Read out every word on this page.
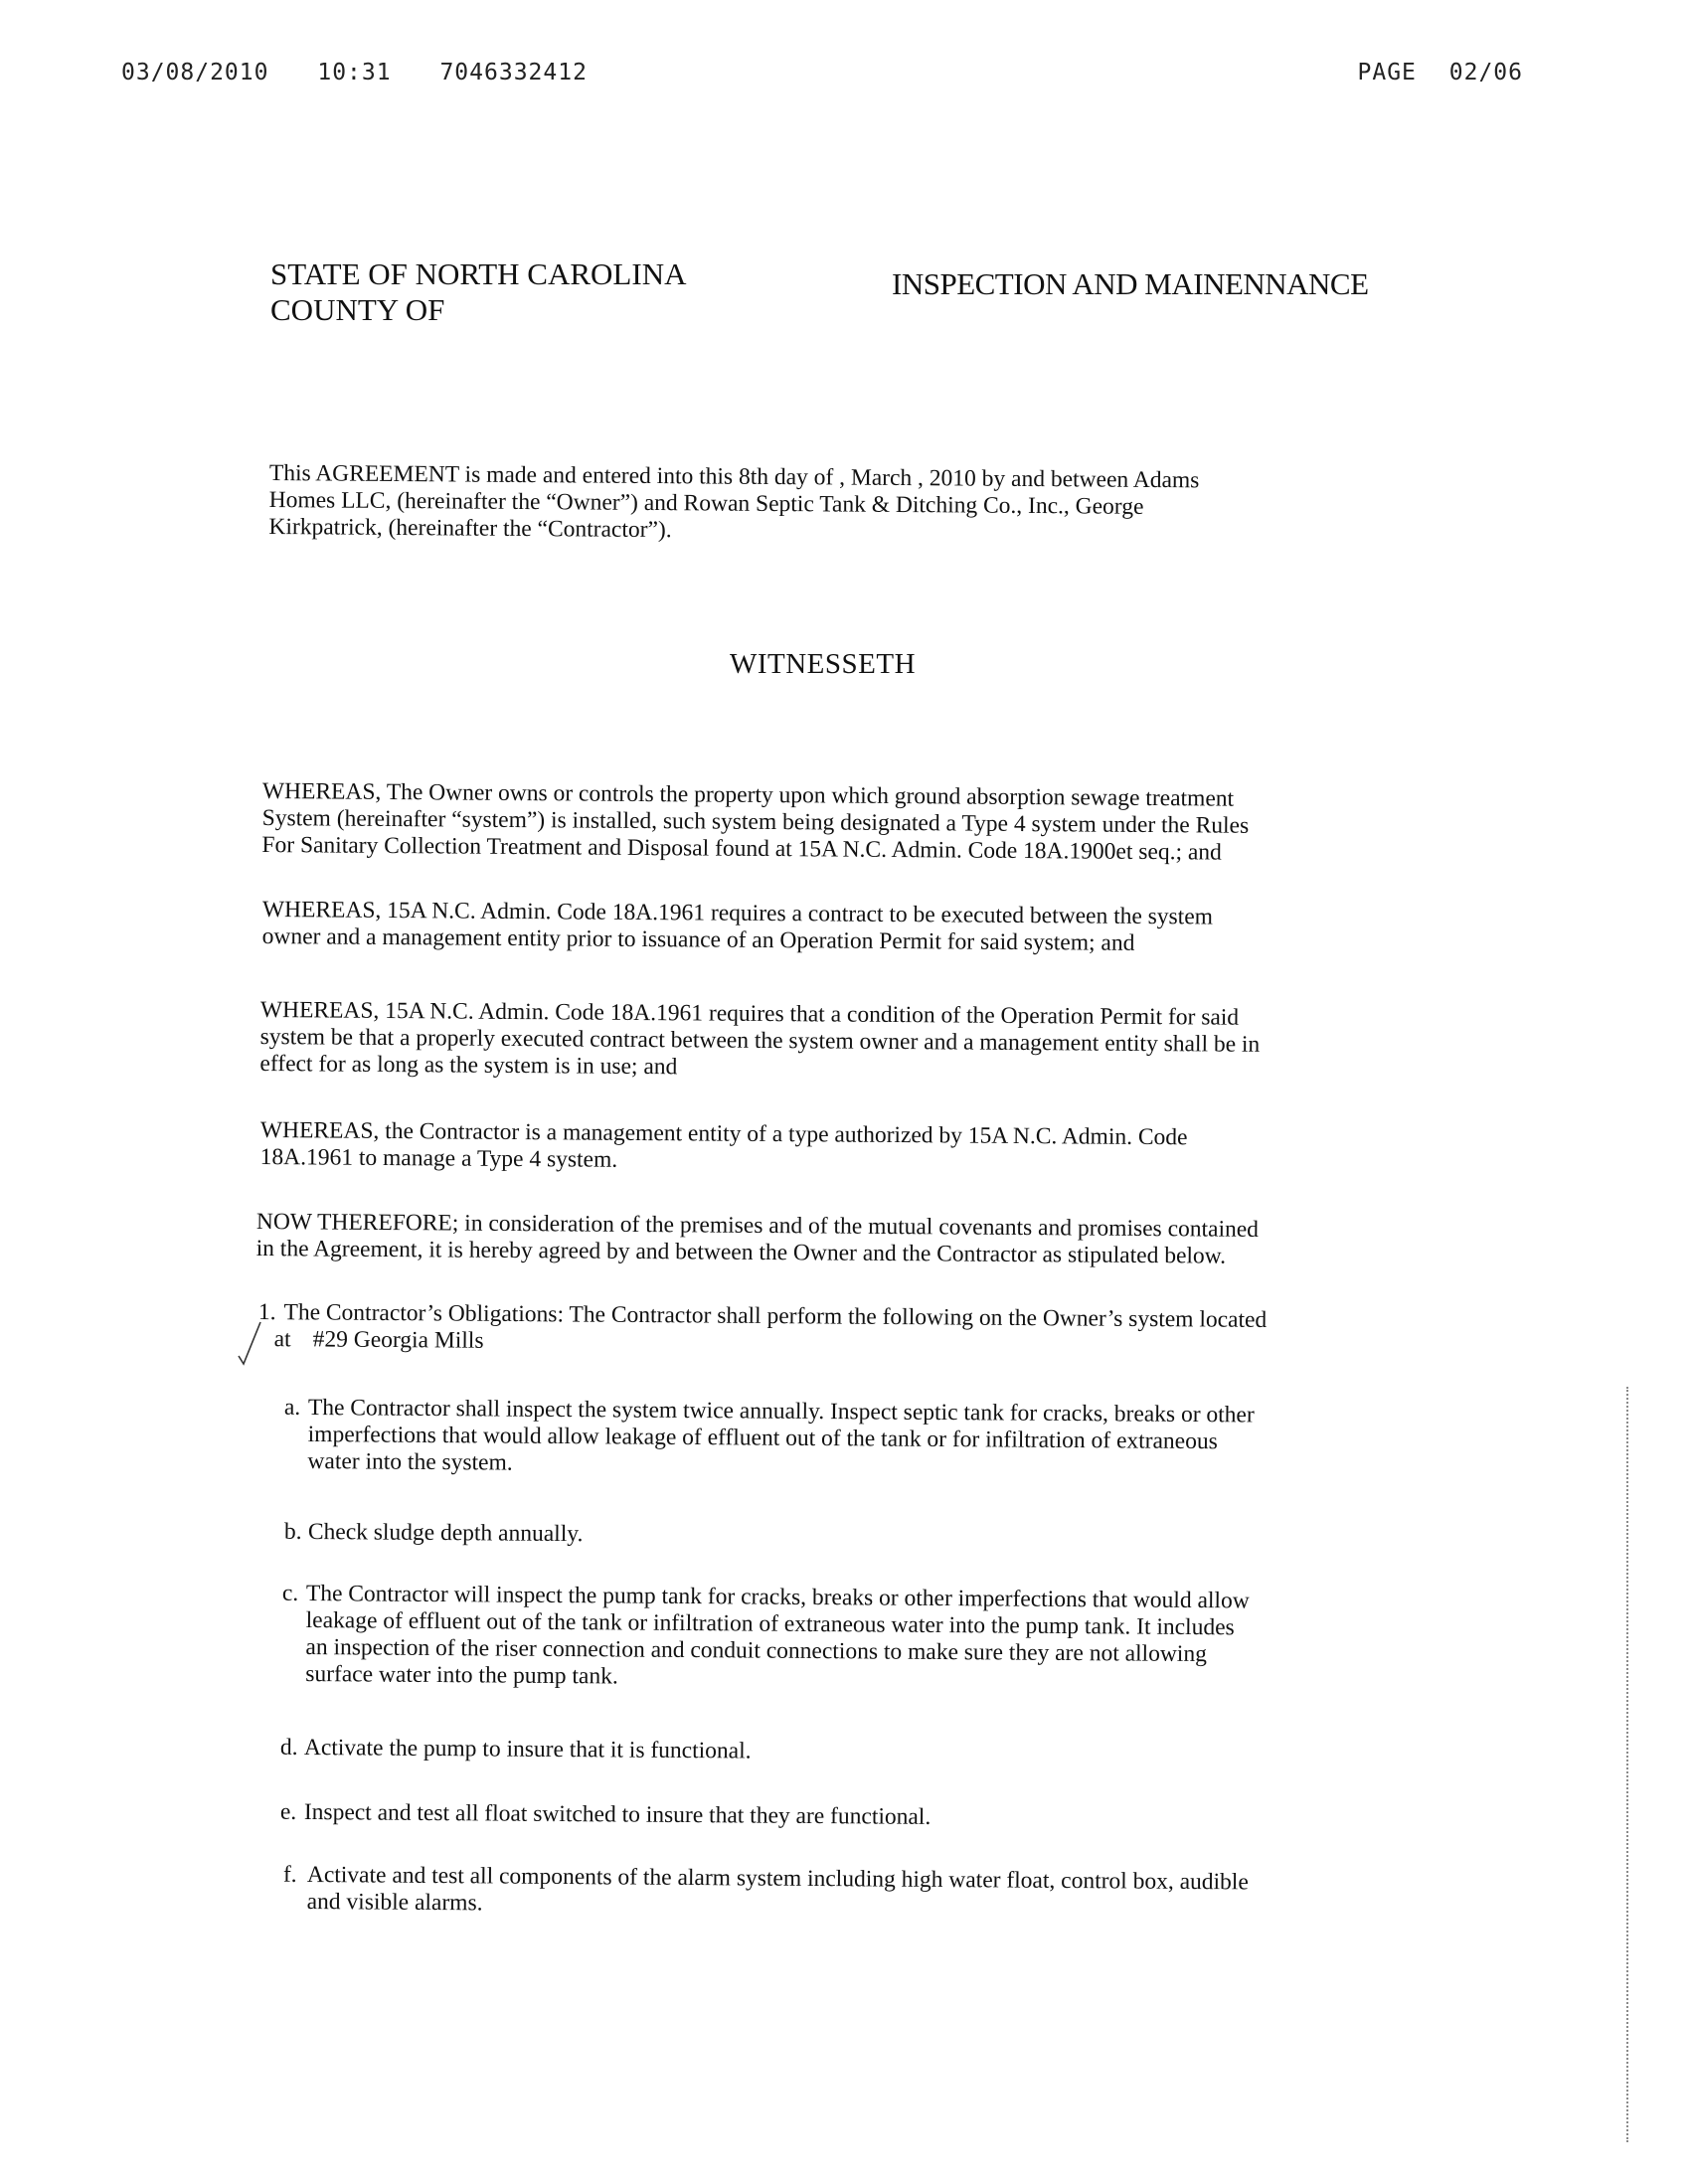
03/08/2010 10:31 7046332412	PAGE 02/06
STATE OF NORTH CAROLINA
COUNTY OF
INSPECTION AND MAINENNANCE
This AGREEMENT is made and entered into this 8th day of , March , 2010 by and between Adams
Homes LLC, (hereinafter the “Owner”) and Rowan Septic Tank & Ditching Co., Inc., George
Kirkpatrick, (hereinafter the “Contractor”).
WITNESSETH
WHEREAS, The Owner owns or controls the property upon which ground absorption sewage treatment
System (hereinafter “system”) is installed, such system being designated a Type 4 system under the Rules
For Sanitary Collection Treatment and Disposal found at 15A N.C. Admin. Code 18A.1900et seq.; and
WHEREAS, 15A N.C. Admin. Code 18A.1961 requires a contract to be executed between the system
owner and a management entity prior to issuance of an Operation Permit for said system; and
WHEREAS, 15A N.C. Admin. Code 18A.1961 requires that a condition of the Operation Permit for said
system be that a properly executed contract between the system owner and a management entity shall be in
effect for as long as the system is in use; and
WHEREAS, the Contractor is a management entity of a type authorized by 15A N.C. Admin. Code
18A.1961 to manage a Type 4 system.
NOW THEREFORE; in consideration of the premises and of the mutual covenants and promises contained
in the Agreement, it is hereby agreed by and between the Owner and the Contractor as stipulated below.
1. The Contractor’s Obligations: The Contractor shall perform the following on the Owner’s system located
at #29 Georgia Mills
a. The Contractor shall inspect the system twice annually. Inspect septic tank for cracks, breaks or other
imperfections that would allow leakage of effluent out of the tank or for infiltration of extraneous
water into the system.
b. Check sludge depth annually.
c. The Contractor will inspect the pump tank for cracks, breaks or other imperfections that would allow
leakage of effluent out of the tank or infiltration of extraneous water into the pump tank. It includes
an inspection of the riser connection and conduit connections to make sure they are not allowing
surface water into the pump tank.
d. Activate the pump to insure that it is functional.
e. Inspect and test all float switched to insure that they are functional.
f. Activate and test all components of the alarm system including high water float, control box, audible
and visible alarms.
